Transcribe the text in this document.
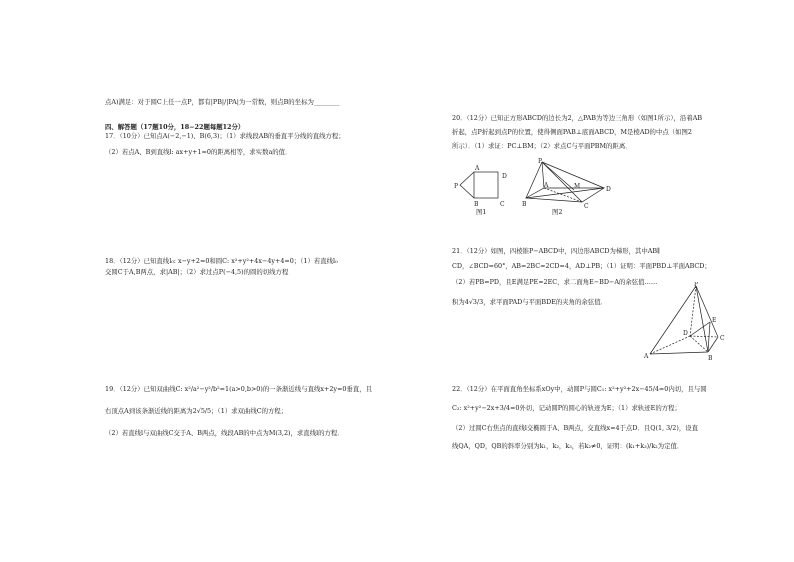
点A)满足：对于圆C上任一点P，都有|PB|/|PA|为一常数，则点B的坐标为________
四、解答题（17题10分，18−22题每题12分）
17．（10分）已知点A(−2,−1)、B(6,3)；（1）求线段AB的垂直平分线的直线方程；
（2）若点A、B到直线l: ax+y+1=0的距离相等，求实数a的值．
18．（12分）已知直线l₀: x−y+2=0和圆C: x²+y²+4x−4y+4=0；（1）若直线l₀
交圆C于A,B两点，求|AB|；（2）求过点P(−4,5)的圆的切线方程
19．（12分）已知双曲线C: x²/a²−y²/b²=1(a>0,b>0)的一条渐近线与直线x+2y=0垂直，且
右顶点A到该条渐近线的距离为2√5/5；（1）求双曲线C的方程；
（2）若直线l与双曲线C交于A、B两点，线段AB的中点为M(3,2)，求直线l的方程．
20．（12分）已知正方形ABCD的边长为2，△PAB为等边三角形（如图1所示），沿着AB
折起，点P折起到点P的位置，使得侧面PAB⊥底面ABCD，M是棱AD的中点（如图2
所示）．（1）求证：PC⊥BM；（2）求点C与平面PBM的距离．
P
A
B	C
D
图1
P
A
B	C
D
M
图2
21．（12分）如图，四棱锥P−ABCD中，四边形ABCD为梯形，其中AB∥
CD，∠BCD=60°，AB=2BC=2CD=4，AD⊥PB；（1）证明：平面PBD⊥平面ABCD；
（2）若PB=PD，且E满足PE=2EC，求二面角E−BD−A的余弦值……
积为4√3/3，求平面PAD与平面BDE的夹角的余弦值．
P
A	B
C
D
E
22．（12分）在平面直角坐标系xOy中，动圆P与圆C₁: x²+y²+2x−45/4=0内切，且与圆
C₂: x²+y²−2x+3/4=0外切，记动圆P的圆心的轨迹为E；（1）求轨迹E的方程；
（2）过圆C右焦点的直线l交椭圆于A、B两点，交直线x=4于点D．且Q(1, 3/2)，设直
线QA，QD，QB的斜率分别为k₁，k₂，k₃，若k₂≠0，证明：(k₁+k₃)/k₂为定值．
